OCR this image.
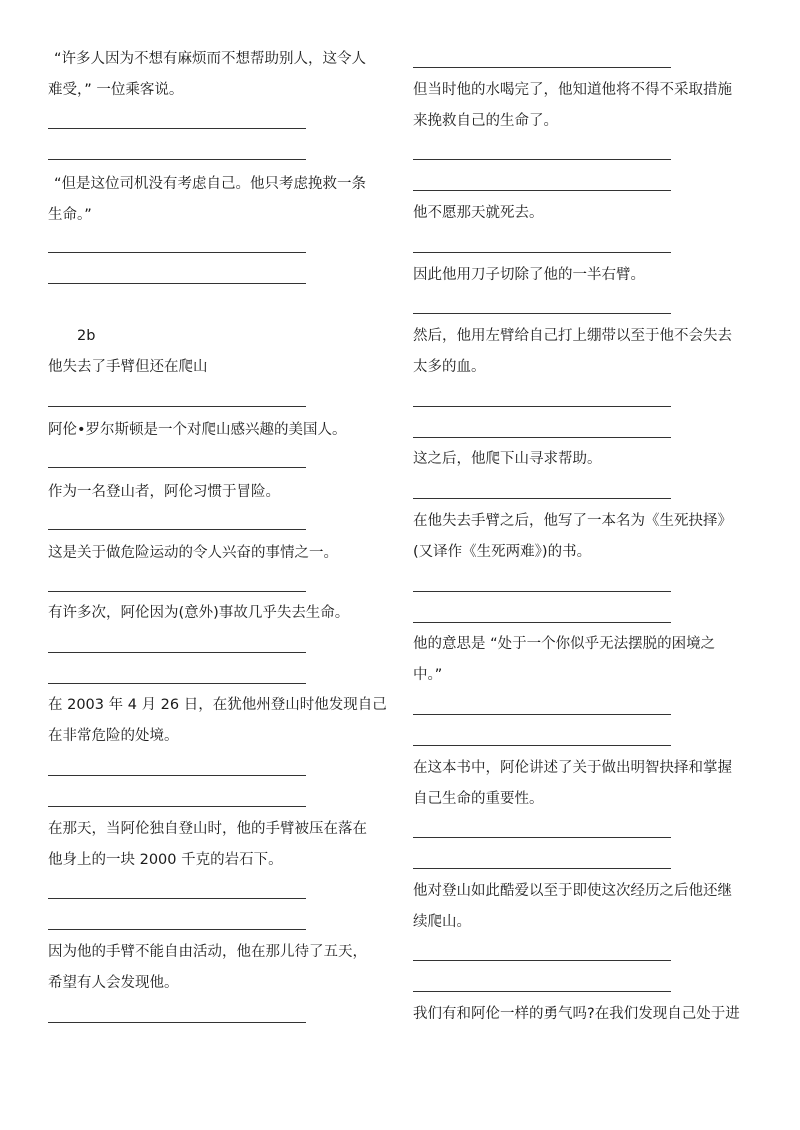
“许多人因为不想有麻烦而不想帮助别人，这令人
难受，” 一位乘客说。
“但是这位司机没有考虑自己。他只考虑挽救一条
生命。”
2b
他失去了手臂但还在爬山
阿伦•罗尔斯顿是一个对爬山感兴趣的美国人。
作为一名登山者，阿伦习惯于冒险。
这是关于做危险运动的令人兴奋的事情之一。
有许多次，阿伦因为(意外)事故几乎失去生命。
在 2003 年 4 月 26 日，在犹他州登山时他发现自己
在非常危险的处境。
在那天，当阿伦独自登山时，他的手臂被压在落在
他身上的一块 2000 千克的岩石下。
因为他的手臂不能自由活动，他在那儿待了五天，
希望有人会发现他。
但当时他的水喝完了，他知道他将不得不采取措施
来挽救自己的生命了。
他不愿那天就死去。
因此他用刀子切除了他的一半右臂。
然后，他用左臂给自己打上绷带以至于他不会失去
太多的血。
这之后，他爬下山寻求帮助。
在他失去手臂之后，他写了一本名为《生死抉择》
(又译作《生死两难》)的书。
他的意思是 “处于一个你似乎无法摆脱的困境之
中。”
在这本书中，阿伦讲述了关于做出明智抉择和掌握
自己生命的重要性。
他对登山如此酷爱以至于即使这次经历之后他还继
续爬山。
我们有和阿伦一样的勇气吗?在我们发现自己处于进
